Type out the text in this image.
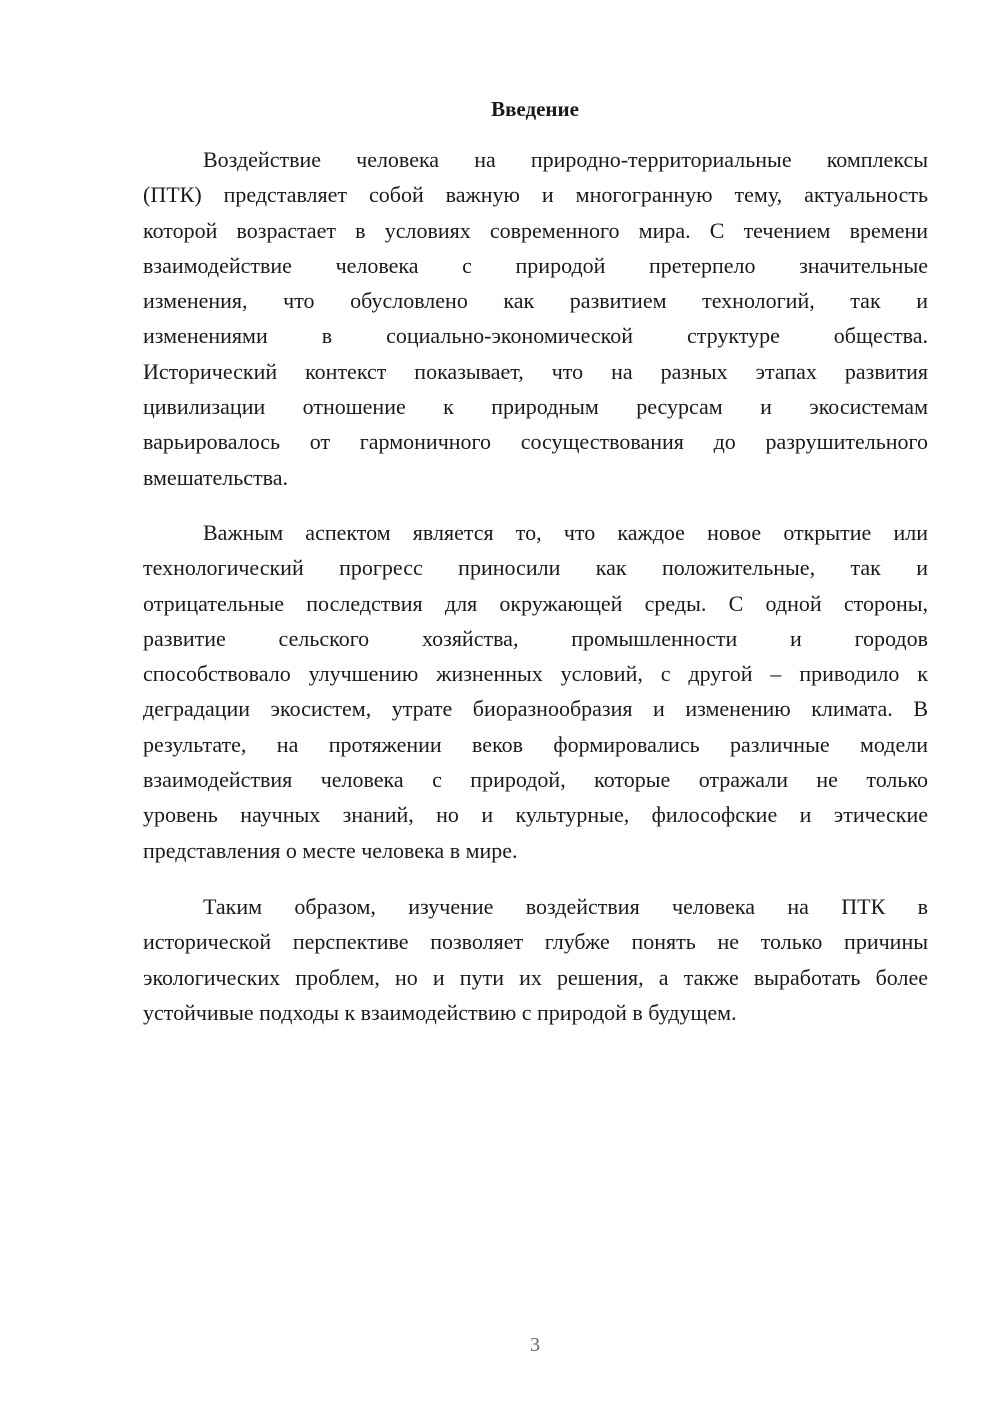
Введение
Воздействие человека на природно-территориальные комплексы
(ПТК) представляет собой важную и многогранную тему, актуальность
которой возрастает в условиях современного мира. С течением времени
взаимодействие человека с природой претерпело значительные
изменения, что обусловлено как развитием технологий, так и
изменениями в социально-экономической структуре общества.
Исторический контекст показывает, что на разных этапах развития
цивилизации отношение к природным ресурсам и экосистемам
варьировалось от гармоничного сосуществования до разрушительного
вмешательства.
Важным аспектом является то, что каждое новое открытие или
технологический прогресс приносили как положительные, так и
отрицательные последствия для окружающей среды. С одной стороны,
развитие сельского хозяйства, промышленности и городов
способствовало улучшению жизненных условий, с другой – приводило к
деградации экосистем, утрате биоразнообразия и изменению климата. В
результате, на протяжении веков формировались различные модели
взаимодействия человека с природой, которые отражали не только
уровень научных знаний, но и культурные, философские и этические
представления о месте человека в мире.
Таким образом, изучение воздействия человека на ПТК в
исторической перспективе позволяет глубже понять не только причины
экологических проблем, но и пути их решения, а также выработать более
устойчивые подходы к взаимодействию с природой в будущем.
3
